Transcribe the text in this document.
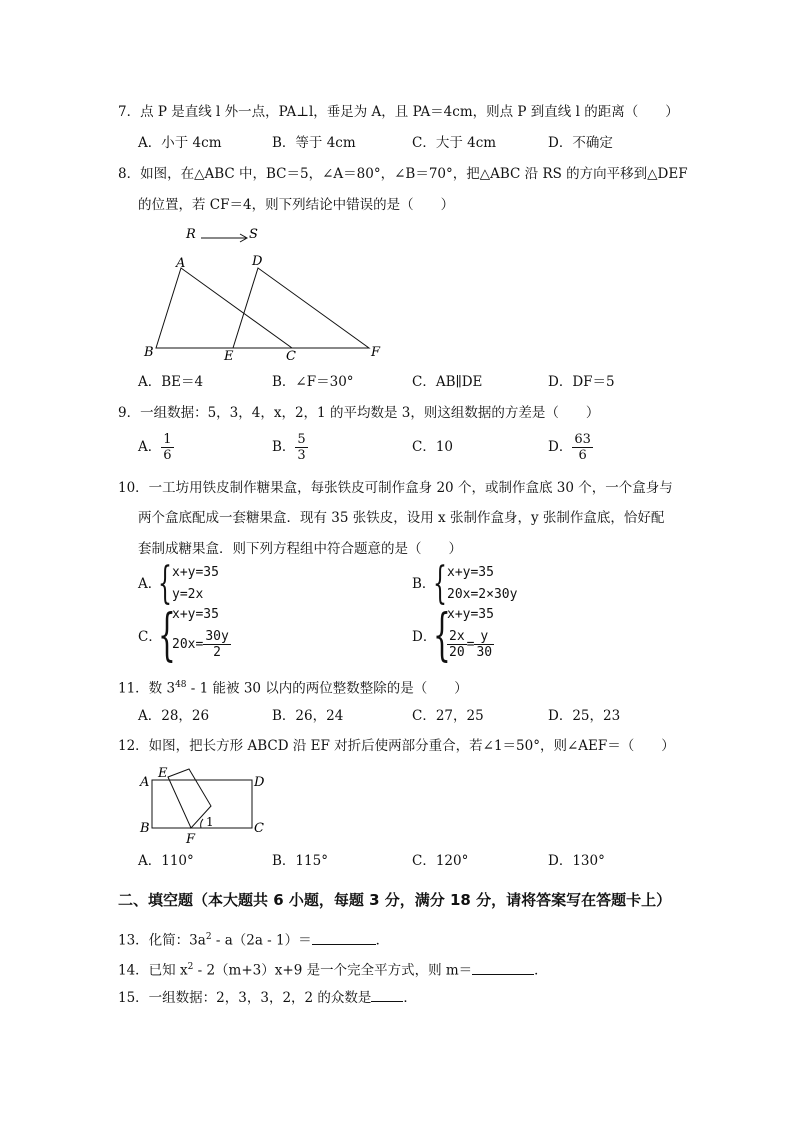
7．点 P 是直线 l 外一点，PA⊥l，垂足为 A，且 PA＝4cm，则点 P 到直线 l 的距离（　　）
A．小于 4cm	B．等于 4cm	C．大于 4cm	D．不确定
8．如图，在△ABC 中，BC＝5，∠A＝80°，∠B＝70°，把△ABC 沿 RS 的方向平移到△DEF
的位置，若 CF＝4，则下列结论中错误的是（　　）
R	S
A	D
B	E	C	F
A
E
D
B
F
C
1
A．BE＝4	B．∠F＝30°	C．AB∥DE	D．DF＝5
9．一组数据：5，3，4，x，2，1 的平均数是 3，则这组数据的方差是（　　）
A． $\frac{1}{6}$	B． $\frac{5}{3}$	C．10	D． $\frac{63}{6}$
10．一工坊用铁皮制作糖果盒，每张铁皮可制作盒身 20 个，或制作盒底 30 个，一个盒身与
两个盒底配成一套糖果盒．现有 35 张铁皮，设用 x 张制作盒身，y 张制作盒底，恰好配
套制成糖果盒．则下列方程组中符合题意的是（　　）
A．
{ x+y=35
y=2x
B．
{ x+y=35
20x=2×30y
C．
{
x+y=35
$20x= \frac{30y}{2}$	D．
{
x+y=35
$\frac{2x}{20} = \frac{y}{30}$
11．数 $3^{48} - 1$ 能被 30 以内的两位整数整除的是（　　）
A．28，26	B．26，24	C．27，25	D．25，23
12．如图，把长方形 ABCD 沿 EF 对折后使两部分重合，若∠1＝50°，则∠AEF＝（　　）
A．110°	B．115°	C．120°	D．130°
二、填空题（本大题共 6 小题，每题 3 分，满分 18 分，请将答案写在答题卡上）
13．化简：$3a^2 - a(2a - 1)=$	．
14．已知 $x^2 - 2(m+3)x+9$ 是一个完全平方式，则 m＝	．
15．一组数据：2，3，3，2，2 的众数是 ．
